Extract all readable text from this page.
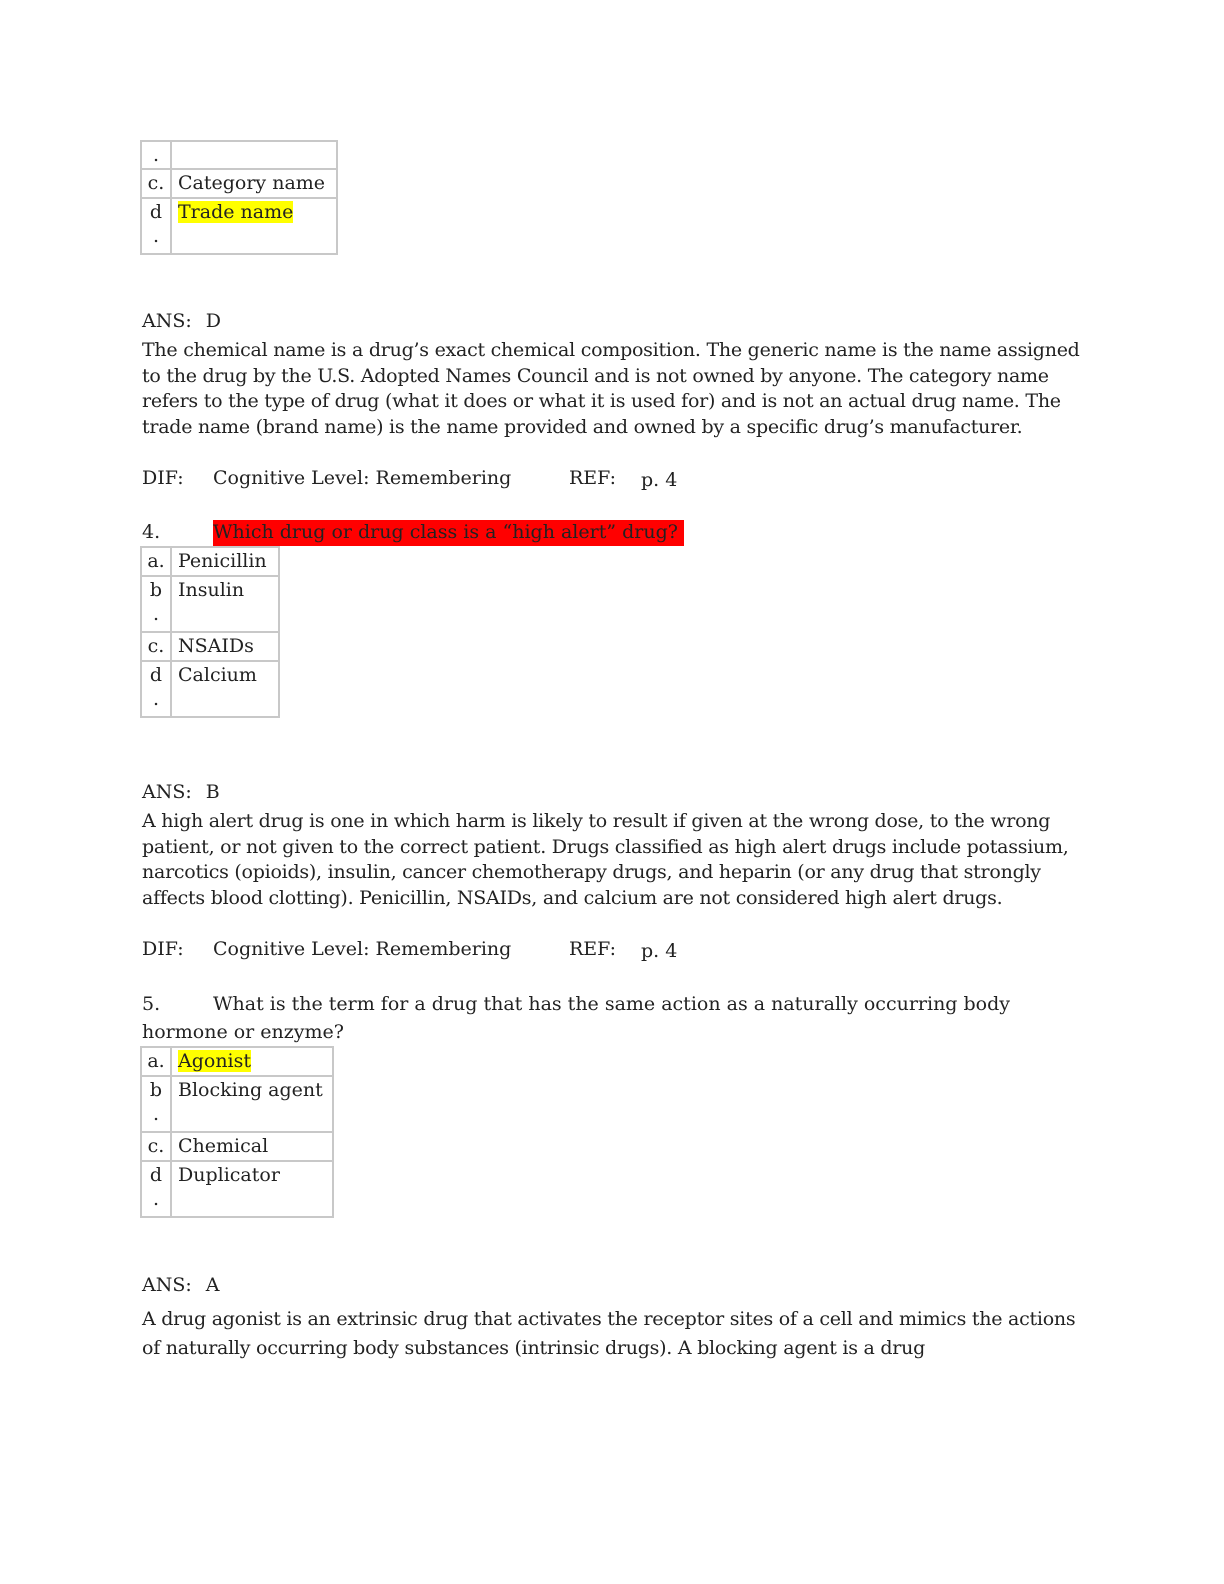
.	
c.	Category name
d
.	Trade name
ANS: D
The chemical name is a drug’s exact chemical composition. The generic name is the name assigned to the drug by the U.S. Adopted Names Council and is not owned by anyone. The category name refers to the type of drug (what it does or what it is used for) and is not an actual drug name. The trade name (brand name) is the name provided and owned by a specific drug’s manufacturer.
DIF: Cognitive Level: Remembering	REF: p. 4
4.	Which drug or drug class is a “high alert” drug?
a.	Penicillin
b
.	Insulin
c.	NSAIDs
d
.	Calcium
ANS: B
A high alert drug is one in which harm is likely to result if given at the wrong dose, to the wrong patient, or not given to the correct patient. Drugs classified as high alert drugs include potassium, narcotics (opioids), insulin, cancer chemotherapy drugs, and heparin (or any drug that strongly affects blood clotting). Penicillin, NSAIDs, and calcium are not considered high alert drugs.
DIF: Cognitive Level: Remembering	REF: p. 4
5.	What is the term for a drug that has the same action as a naturally occurring body
hormone or enzyme?
a.	Agonist
b
.	Blocking agent
c.	Chemical
d
.	Duplicator
ANS: A
A drug agonist is an extrinsic drug that activates the receptor sites of a cell and mimics the actions of naturally occurring body substances (intrinsic drugs). A blocking agent is a drug
